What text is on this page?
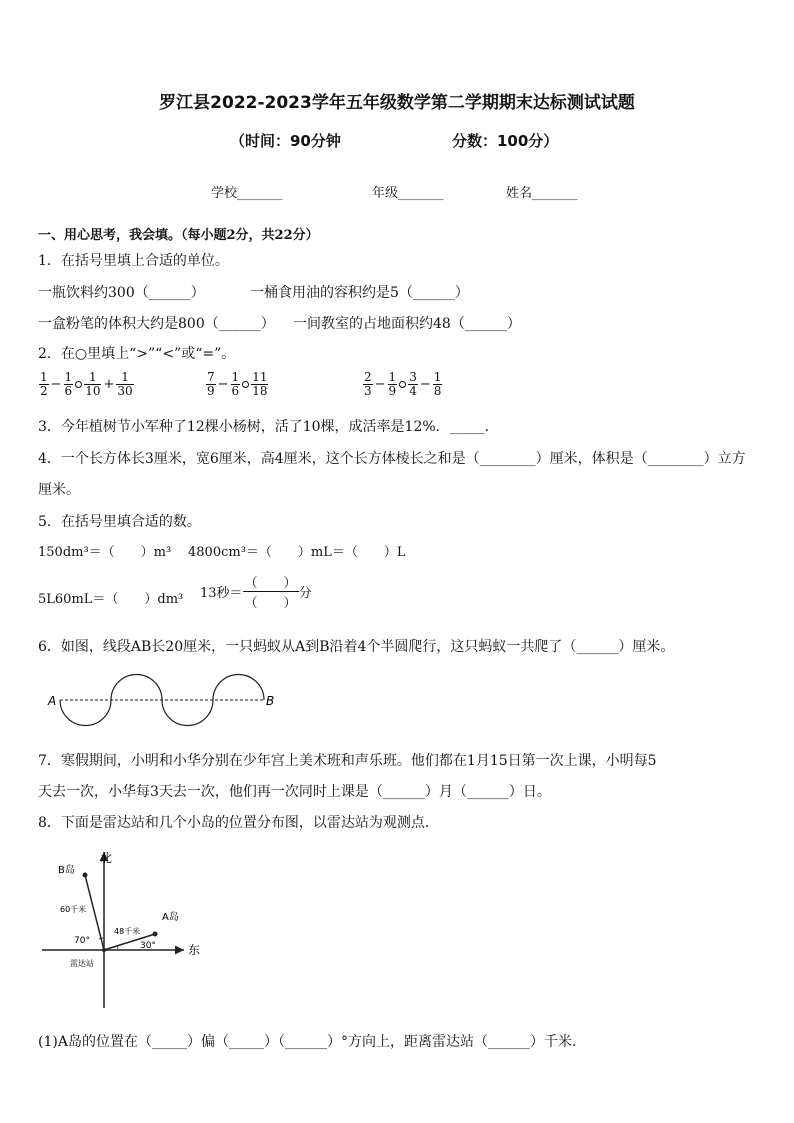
罗江县2022-2023学年五年级数学第二学期期末达标测试试题
（时间：90分钟	分数：100分）
学校_______	年级_______	姓名_______
一、用心思考，我会填。（每小题2分，共22分）
1．在括号里填上合适的单位。
一瓶饮料约300（______）	一桶食用油的容积约是5（______）
一盒粉笔的体积大约是800（______） 一间教室的占地面积约48（______）
2．在○里填上“>”“<”或“=”。
$\frac{1}{2} - \frac{1}{6} \frac{1}{10} + \frac{1}{30}$	$\frac{7}{9} - \frac{1}{6} \frac{11}{18}$	$\frac{2}{3} - \frac{1}{9} \frac{3}{4} - \frac{1}{8}$
3．今年植树节小军种了12棵小杨树，活了10棵，成活率是12%．_____．
4．一个长方体长3厘米，宽6厘米，高4厘米，这个长方体棱长之和是（________）厘米，体积是（________）立方
厘米。
5．在括号里填合适的数。
150dm³＝（　　）m³ 4800cm³＝（　　）mL＝（　　）L
5L60mL＝（　　）dm³ 13秒＝
（　　）
（　　）
分
6．如图，线段AB长20厘米，一只蚂蚁从A到B沿着4个半圆爬行，这只蚂蚁一共爬了（______）厘米。
A	B
7．寒假期间，小明和小华分别在少年宫上美术班和声乐班。他们都在1月15日第一次上课，小明每5
天去一次，小华每3天去一次，他们再一次同时上课是（______）月（______）日。
8．下面是雷达站和几个小岛的位置分布图，以雷达站为观测点．
北
东
B岛
A岛
60千米
48千米
70°	30°
雷达站
(1)A岛的位置在（_____）偏（_____）（______）°方向上，距离雷达站（______）千米．
